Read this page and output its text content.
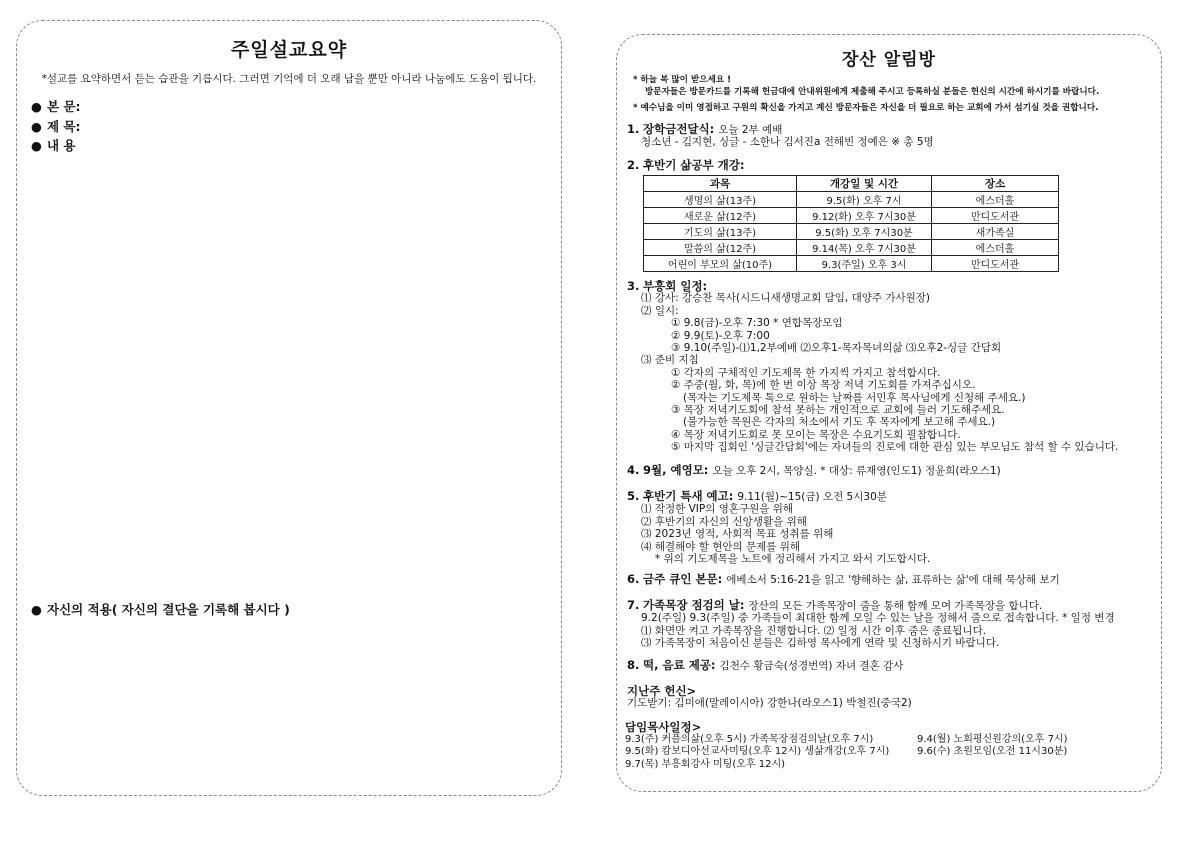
주일설교요약
*설교를 요약하면서 듣는 습관을 기릅시다. 그러면 기억에 더 오래 남을 뿐만 아니라 나눔에도 도움이 됩니다.
● 본 문:
● 제 목:
● 내 용
● 자신의 적용( 자신의 결단을 기록해 봅시다 )
장산 알림방
* 하늘 복 많이 받으세요 !
방문자들은 방문카드를 기록해 헌금대에 안내위원에게 제출해 주시고 등록하실 분들은 헌신의 시간에 하시기를 바랍니다.
* 예수님을 이미 영접하고 구원의 확신을 가지고 계신 방문자들은 자신을 더 필요로 하는 교회에 가서 섬기실 것을 권합니다.
1. 장학금전달식: 오늘 2부 예배
청소년 - 김지현, 싱글 - 소한나 김서진a 전해빈 정예은 ※ 총 5명
2. 후반기 삶공부 개강:
과목	개강일 및 시간	장소
생명의 삶(13주)	9.5(화) 오후 7시	에스더홀
새로운 삶(12주)	9.12(화) 오후 7시30분	만디도서관
기도의 삶(13주)	9.5(화) 오후 7시30분	새가족실
말씀의 삶(12주)	9.14(목) 오후 7시30분	에스더홀
어린이 부모의 삶(10주)	9.3(주일) 오후 3시	만디도서관
3. 부흥회 일정:
⑴ 강사: 강승찬 목사(시드니새생명교회 담임, 대양주 가사원장)
⑵ 일시:
① 9.8(금)-오후 7:30 * 연합목장모임
② 9.9(토)-오후 7:00
③ 9.10(주일)-⑴1,2부예배 ⑵오후1-목자목녀의삶 ⑶오후2-싱글 간담회
⑶ 준비 지침
① 각자의 구체적인 기도제목 한 가지씩 가지고 참석합시다.
② 주중(월, 화, 목)에 한 번 이상 목장 저녁 기도회를 가져주십시오.
(목자는 기도제목 톡으로 원하는 날짜를 서민후 목사님에게 신청해 주세요.)
③ 목장 저녁기도회에 참석 못하는 개인적으로 교회에 들러 기도해주세요.
(불가능한 목원은 각자의 처소에서 기도 후 목자에게 보고해 주세요.)
④ 목장 저녁기도회로 못 모이는 목장은 수요기도회 필참합니다.
⑤ 마지막 집회인 '싱글간담회'에는 자녀들의 진로에 대한 관심 있는 부모님도 참석 할 수 있습니다.
4. 9월, 예영모: 오늘 오후 2시, 목양실. * 대상: 류재영(인도1) 정윤희(라오스1)
5. 후반기 특새 예고: 9.11(월)~15(금) 오전 5시30분
⑴ 작정한 VIP의 영혼구원을 위해
⑵ 후반기의 자신의 신앙생활을 위해
⑶ 2023년 영적, 사회적 목표 성취를 위해
⑷ 해결해야 할 현안의 문제를 위해
* 위의 기도제목을 노트에 정리해서 가지고 와서 기도합시다.
6. 금주 큐인 본문: 에베소서 5:16-21을 읽고 '향해하는 삶, 표류하는 삶'에 대해 묵상해 보기
7. 가족목장 점검의 날: 장산의 모든 가족목장이 줌을 통해 함께 모여 가족목장을 합니다.
9.2(주일) 9.3(주일) 중 가족들이 최대한 함께 모일 수 있는 날을 정해서 줌으로 접속합니다. * 일정 변경
⑴ 화면만 켜고 가족목장을 진행합니다. ⑵ 일정 시간 이후 줌은 종료됩니다.
⑶ 가족목장이 처음이신 분들은 김하영 목사에게 연락 및 신청하시기 바랍니다.
8. 떡, 음료 제공: 김천수 황금숙(성경번역) 자녀 결혼 감사
지난주 헌신>
기도받기: 김미애(말레이시아) 강한나(라오스1) 박철진(중국2)
담임목사일정>
9.3(주) 커플의삶(오후 5시) 가족목장점검의날(오후 7시)	9.4(월) 노회평신원강의(오후 7시)
9.5(화) 캄보디아선교사미팅(오후 12시) 생삶개강(오후 7시)	9.6(수) 초원모임(오전 11시30분)
9.7(목) 부흥회강사 미팅(오후 12시)
